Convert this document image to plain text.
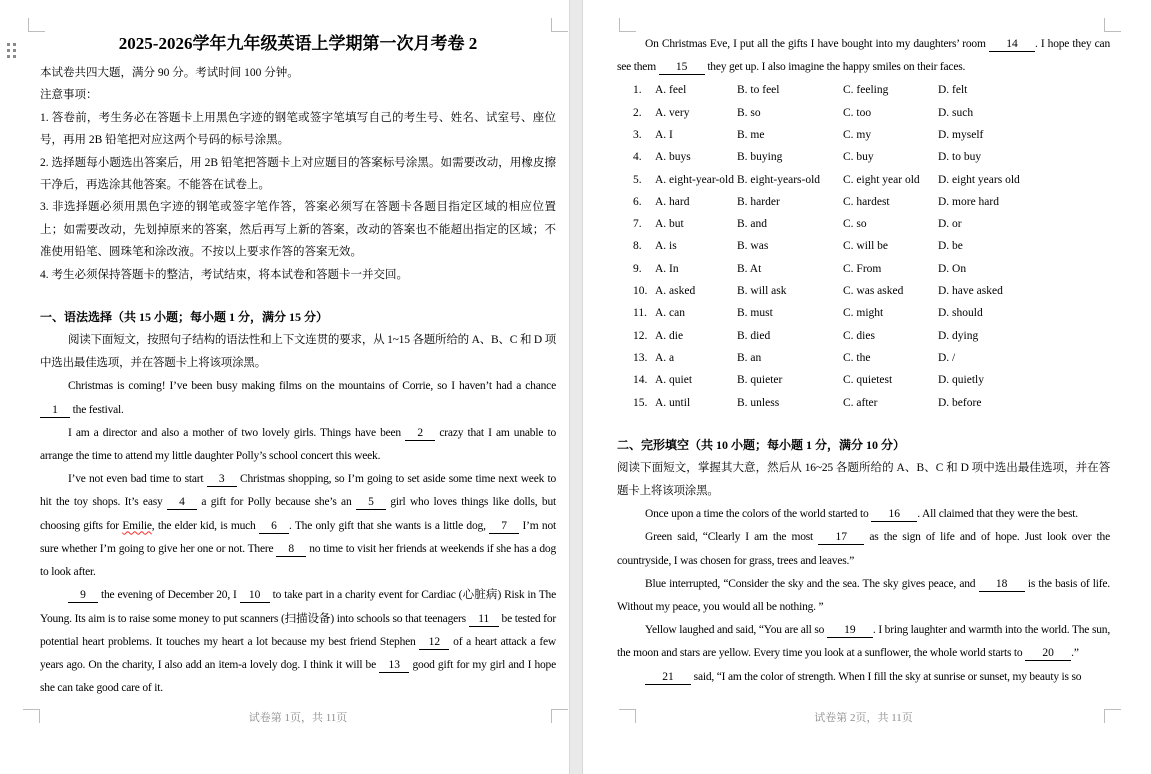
2025-2026学年九年级英语上学期第一次月考卷 2

本试卷共四大题，满分 90 分。考试时间 100 分钟。

注意事项：

1. 答卷前，考生务必在答题卡上用黑色字迹的钢笔或签字笔填写自己的考生号、姓名、试室号、座位号，再用 2B 铅笔把对应这两个号码的标号涂黑。

2. 选择题每小题选出答案后，用 2B 铅笔把答题卡上对应题目的答案标号涂黑。如需要改动，用橡皮擦干净后，再选涂其他答案。不能答在试卷上。

3. 非选择题必须用黑色字迹的钢笔或签字笔作答，答案必须写在答题卡各题目指定区域的相应位置上；如需要改动，先划掉原来的答案，然后再写上新的答案，改动的答案也不能超出指定的区域；不准使用铅笔、圆珠笔和涂改液。不按以上要求作答的答案无效。

4. 考生必须保持答题卡的整洁，考试结束，将本试卷和答题卡一并交回。

一、语法选择（共 15 小题；每小题 1 分，满分 15 分）

阅读下面短文，按照句子结构的语法性和上下文连贯的要求，从 1~15 各题所给的 A、B、C 和 D 项中选出最佳选项，并在答题卡上将该项涂黑。

Christmas is coming! I’ve been busy making films on the mountains of Corrie, so I haven’t had a chance 1 the festival.
I am a director and also a mother of two lovely girls. Things have been 2 crazy that I am unable to arrange the time to attend my little daughter Polly’s school concert this week.
I’ve not even bad time to start 3 Christmas shopping, so I’m going to set aside some time next week to hit the toy shops. It’s easy 4 a gift for Polly because she’s an 5 girl who loves things like dolls, but choosing gifts for Emilie, the elder kid, is much 6 . The only gift that she wants is a little dog, 7 I’m not sure whether I’m going to give her one or not. There 8 no time to visit her friends at weekends if she has a dog to look after.
9 the evening of December 20, I 10 to take part in a charity event for Cardiac (心脏病) Risk in The Young. Its aim is to raise some money to put scanners (扫描设备) into schools so that teenagers 11 be tested for potential heart problems. It touches my heart a lot because my best friend Stephen 12 of a heart attack a few years ago. On the charity, I also add an item-a lovely dog. I think it will be 13 good gift for my girl and I hope she can take good care of it.
试卷第 1页，共 11页
On Christmas Eve, I put all the gifts I have bought into my daughters’ room 14 . I hope they can see them 15 they get up. I also imagine the happy smiles on their faces.
1. A. feel	B. to feel	C. feeling	D. felt
2. A. very	B. so	C. too	D. such
3. A. I	B. me	C. my	D. myself
4. A. buys	B. buying	C. buy	D. to buy
5. A. eight-year-old B. eight-years-old	C. eight year old	D. eight years old
6. A. hard	B. harder	C. hardest	D. more hard
7. A. but	B. and	C. so	D. or
8. A. is	B. was	C. will be	D. be
9. A. In	B. At	C. From	D. On
10. A. asked	B. will ask	C. was asked	D. have asked
11. A. can	B. must	C. might	D. should
12. A. die	B. died	C. dies	D. dying
13. A. a	B. an	C. the	D. /
14. A. quiet	B. quieter	C. quietest	D. quietly
15. A. until	B. unless	C. after	D. before
二、完形填空（共 10 小题；每小题 1 分，满分 10 分）

阅读下面短文，掌握其大意，然后从 16~25 各题所给的 A、B、C 和 D 项中选出最佳选项，并在答题卡上将该项涂黑。

Once upon a time the colors of the world started to 16 . All claimed that they were the best.
Green said, “Clearly I am the most 17 as the sign of life and of hope. Just look over the countryside, I was chosen for grass, trees and leaves.”
Blue interrupted, “Consider the sky and the sea. The sky gives peace, and 18 is the basis of life. Without my peace, you would all be nothing. ”
Yellow laughed and said, “You are all so 19 . I bring laughter and warmth into the world. The sun, the moon and stars are yellow. Every time you look at a sunflower, the whole world starts to 20 .”
21 said, “I am the color of strength. When I fill the sky at sunrise or sunset, my beauty is so
试卷第 2页，共 11页
